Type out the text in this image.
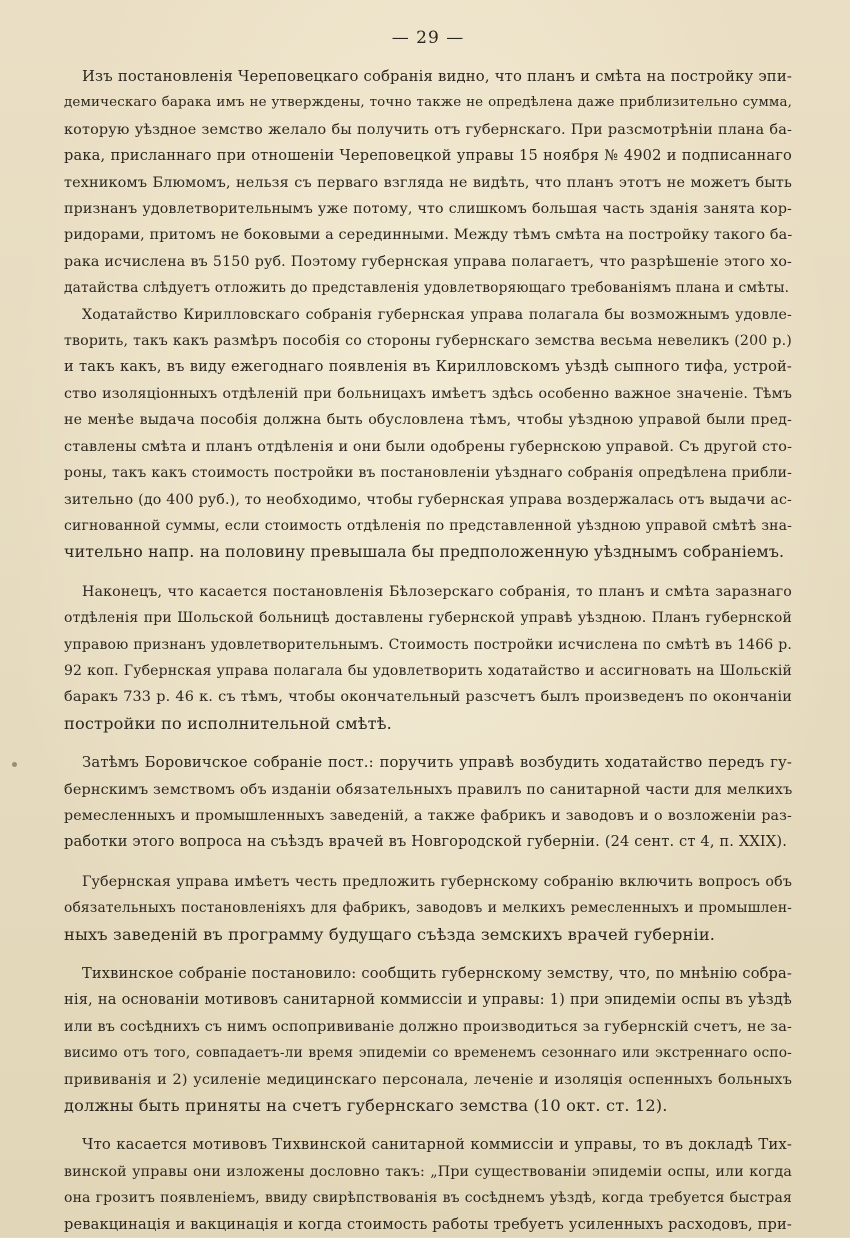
— 29 —

Изъ постановленія Череповецкаго собранія видно, что планъ и смѣта на постройку эпи-
демическаго барака имъ не утверждены, точно также не опредѣлена даже приблизительно сумма,
которую уѣздное земство желало бы получить отъ губернскаго. При разсмотрѣніи плана ба-
рака, присланнаго при отношеніи Череповецкой управы 15 ноября № 4902 и подписаннаго
техникомъ Блюмомъ, нельзя съ перваго взгляда не видѣть, что планъ этотъ не можетъ быть
признанъ удовлетворительнымъ уже потому, что слишкомъ большая часть зданія занята кор-
ридорами, притомъ не боковыми а серединными. Между тѣмъ смѣта на постройку такого ба-
рака исчислена въ 5150 руб. Поэтому губернская управа полагаетъ, что разрѣшеніе этого хо-
датайства слѣдуетъ отложить до представленія удовлетворяющаго требованіямъ плана и смѣты.

Ходатайство Кирилловскаго собранія губернская управа полагала бы возможнымъ удовле-
творить, такъ какъ размѣръ пособія со стороны губернскаго земства весьма невеликъ (200 р.)
и такъ какъ, въ виду ежегоднаго появленія въ Кирилловскомъ уѣздѣ сыпного тифа, устрой-
ство изоляціонныхъ отдѣленій при больницахъ имѣетъ здѣсь особенно важное значеніе. Тѣмъ
не менѣе выдача пособія должна быть обусловлена тѣмъ, чтобы уѣздною управой были пред-
ставлены смѣта и планъ отдѣленія и они были одобрены губернскою управой. Съ другой сто-
роны, такъ какъ стоимость постройки въ постановленіи уѣзднаго собранія опредѣлена прибли-
зительно (до 400 руб.), то необходимо, чтобы губернская управа воздержалась отъ выдачи ас-
сигнованной суммы, если стоимость отдѣленія по представленной уѣздною управой смѣтѣ зна-
чительно напр. на половину превышала бы предположенную уѣзднымъ собраніемъ.

Наконецъ, что касается постановленія Бѣлозерскаго собранія, то планъ и смѣта заразнаго
отдѣленія при Шольской больницѣ доставлены губернской управѣ уѣздною. Планъ губернской
управою признанъ удовлетворительнымъ. Стоимость постройки исчислена по смѣтѣ въ 1466 р.
92 коп. Губернская управа полагала бы удовлетворить ходатайство и ассигновать на Шольскій
баракъ 733 р. 46 к. съ тѣмъ, чтобы окончательный разсчетъ былъ произведенъ по окончаніи
постройки по исполнительной смѣтѣ.

Затѣмъ Боровичское собраніе пост.: поручить управѣ возбудить ходатайство передъ гу-
бернскимъ земствомъ объ изданіи обязательныхъ правилъ по санитарной части для мелкихъ
ремесленныхъ и промышленныхъ заведеній, а также фабрикъ и заводовъ и о возложеніи раз-
работки этого вопроса на съѣздъ врачей въ Новгородской губерніи. (24 сент. ст 4, п. XXIX).

Губернская управа имѣетъ честь предложить губернскому собранію включить вопросъ объ
обязательныхъ постановленіяхъ для фабрикъ, заводовъ и мелкихъ ремесленныхъ и промышлен-
ныхъ заведеній въ программу будущаго съѣзда земскихъ врачей губерніи.

Тихвинское собраніе постановило: сообщить губернскому земству, что, по мнѣнію собра-
нія, на основаніи мотивовъ санитарной коммиссіи и управы: 1) при эпидеміи оспы въ уѣздѣ
или въ сосѣднихъ съ нимъ оспопрививаніе должно производиться за губернскій счетъ, не за-
висимо отъ того, совпадаетъ-ли время эпидеміи со временемъ сезоннаго или экстреннаго оспо-
прививанія и 2) усиленіе медицинскаго персонала, леченіе и изоляція оспенныхъ больныхъ
должны быть приняты на счетъ губернскаго земства (10 окт. ст. 12).

Что касается мотивовъ Тихвинской санитарной коммиссіи и управы, то въ докладѣ Тих-
винской управы они изложены дословно такъ: „При существованіи эпидеміи оспы, или когда
она грозитъ появленіемъ, ввиду свирѣпствованія въ сосѣднемъ уѣздѣ, когда требуется быстрая
ревакцинація и вакцинація и когда стоимость работы требуетъ усиленныхъ расходовъ, при-
